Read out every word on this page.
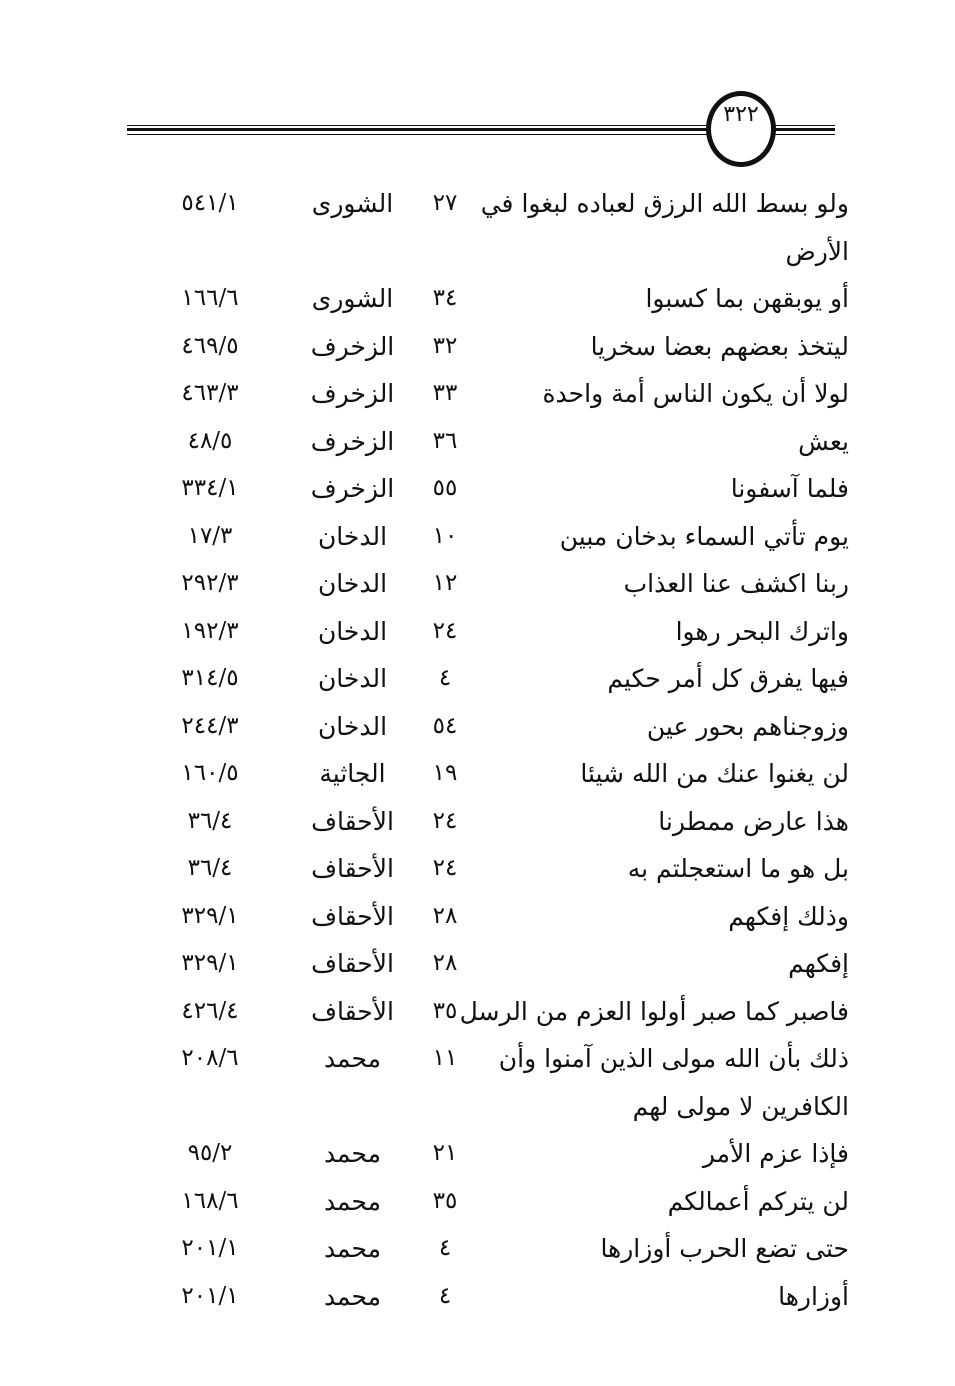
٣٢٢
ولو بسط الله الرزق لعباده لبغوا في
٢٧
الشورى
٥٤١/١
الأرض
أو يوبقهن بما كسبوا
٣٤
الشورى
١٦٦/٦
ليتخذ بعضهم بعضا سخريا
٣٢
الزخرف
٤٦٩/٥
لولا أن يكون الناس أمة واحدة
٣٣
الزخرف
٤٦٣/٣
يعش
٣٦
الزخرف
٤٨/٥
فلما آسفونا
٥٥
الزخرف
٣٣٤/١
يوم تأتي السماء بدخان مبين
١٠
الدخان
١٧/٣
ربنا اكشف عنا العذاب
١٢
الدخان
٢٩٢/٣
واترك البحر رهوا
٢٤
الدخان
١٩٢/٣
فيها يفرق كل أمر حكيم
٤
الدخان
٣١٤/٥
وزوجناهم بحور عين
٥٤
الدخان
٢٤٤/٣
لن يغنوا عنك من الله شيئا
١٩
الجاثية
١٦٠/٥
هذا عارض ممطرنا
٢٤
الأحقاف
٣٦/٤
بل هو ما استعجلتم به
٢٤
الأحقاف
٣٦/٤
وذلك إفكهم
٢٨
الأحقاف
٣٢٩/١
إفكهم
٢٨
الأحقاف
٣٢٩/١
فاصبر كما صبر أولوا العزم من الرسل
٣٥
الأحقاف
٤٢٦/٤
ذلك بأن الله مولى الذين آمنوا وأن
١١
محمد
٢٠٨/٦
الكافرين لا مولى لهم
فإذا عزم الأمر
٢١
محمد
٩٥/٢
لن يتركم أعمالكم
٣٥
محمد
١٦٨/٦
حتى تضع الحرب أوزارها
٤
محمد
٢٠١/١
أوزارها
٤
محمد
٢٠١/١
